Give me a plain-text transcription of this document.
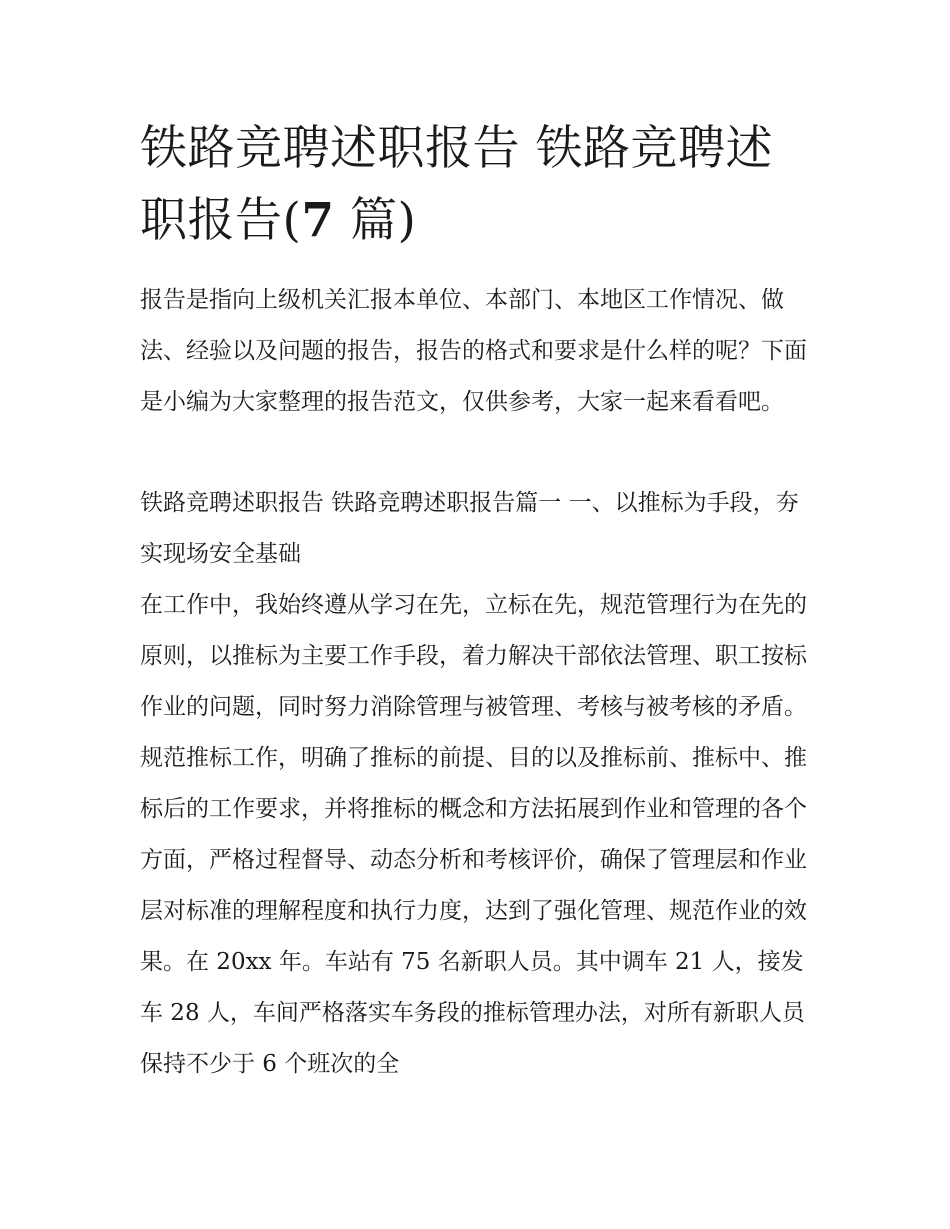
铁路竞聘述职报告 铁路竞聘述职报告(7 篇)

报告是指向上级机关汇报本单位、本部门、本地区工作情况、做法、经验以及问题的报告，报告的格式和要求是什么样的呢？下面是小编为大家整理的报告范文，仅供参考，大家一起来看看吧。

铁路竞聘述职报告 铁路竞聘述职报告篇一 一、以推标为手段，夯实现场安全基础

在工作中，我始终遵从学习在先，立标在先，规范管理行为在先的原则，以推标为主要工作手段，着力解决干部依法管理、职工按标作业的问题，同时努力消除管理与被管理、考核与被考核的矛盾。规范推标工作，明确了推标的前提、目的以及推标前、推标中、推标后的工作要求，并将推标的概念和方法拓展到作业和管理的各个方面，严格过程督导、动态分析和考核评价，确保了管理层和作业层对标准的理解程度和执行力度，达到了强化管理、规范作业的效果。在 20xx 年。车站有 75 名新职人员。其中调车 21 人，接发车 28 人，车间严格落实车务段的推标管理办法，对所有新职人员保持不少于 6 个班次的全
